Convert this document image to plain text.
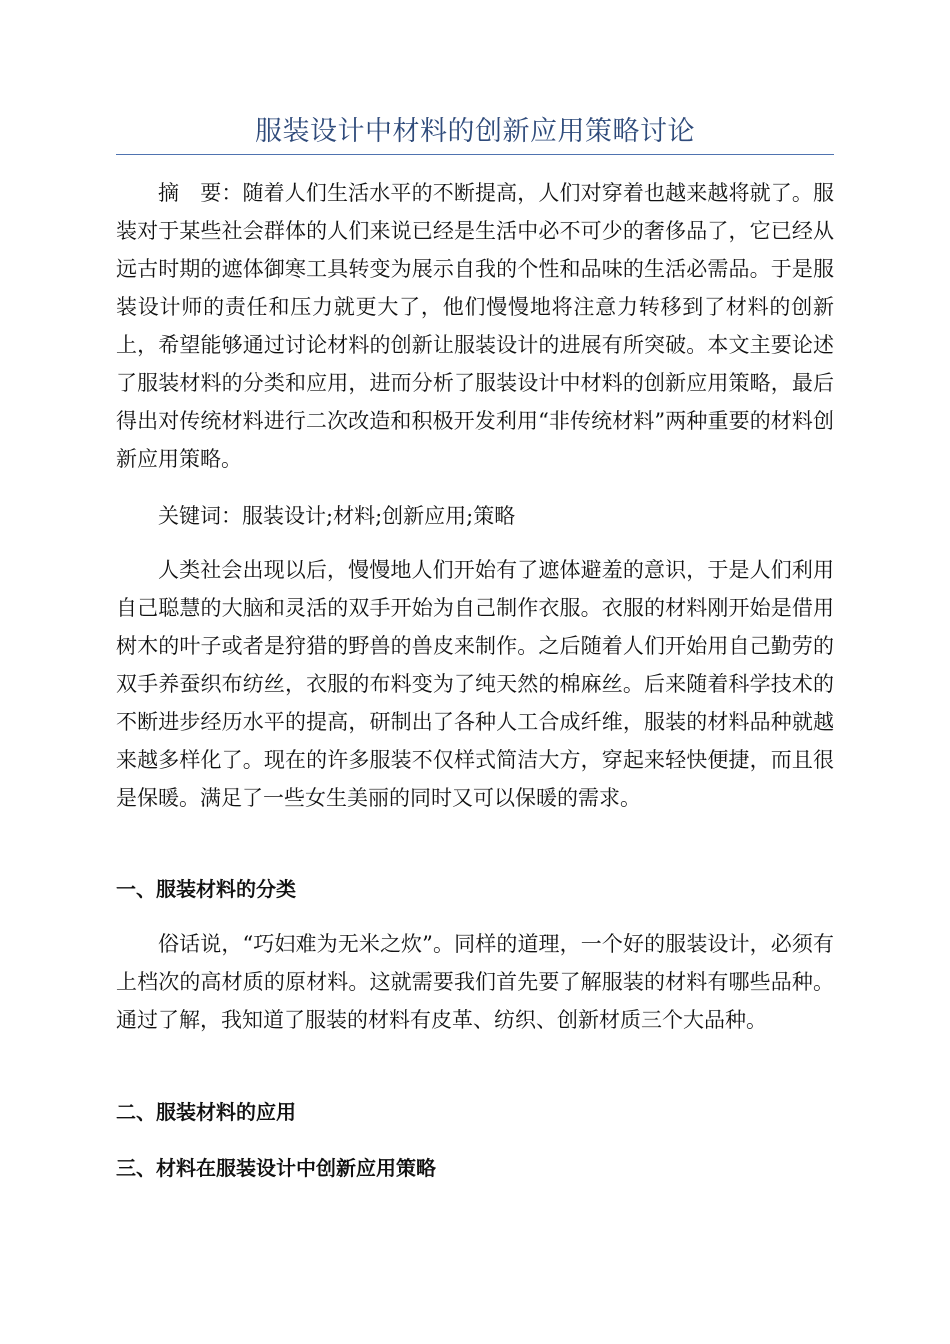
服装设计中材料的创新应用策略讨论

摘　要：随着人们生活水平的不断提高，人们对穿着也越来越将就了。服装对于某些社会群体的人们来说已经是生活中必不可少的奢侈品了，它已经从远古时期的遮体御寒工具转变为展示自我的个性和品味的生活必需品。于是服装设计师的责任和压力就更大了，他们慢慢地将注意力转移到了材料的创新上，希望能够通过讨论材料的创新让服装设计的进展有所突破。本文主要论述了服装材料的分类和应用，进而分析了服装设计中材料的创新应用策略，最后得出对传统材料进行二次改造和积极开发利用“非传统材料”两种重要的材料创新应用策略。

关键词：服装设计;材料;创新应用;策略

人类社会出现以后，慢慢地人们开始有了遮体避羞的意识，于是人们利用自己聪慧的大脑和灵活的双手开始为自己制作衣服。衣服的材料刚开始是借用树木的叶子或者是狩猎的野兽的兽皮来制作。之后随着人们开始用自己勤劳的双手养蚕织布纺丝，衣服的布料变为了纯天然的棉麻丝。后来随着科学技术的不断进步经历水平的提高，研制出了各种人工合成纤维，服装的材料品种就越来越多样化了。现在的许多服装不仅样式简洁大方，穿起来轻快便捷，而且很是保暖。满足了一些女生美丽的同时又可以保暖的需求。

一、服装材料的分类

俗话说，“巧妇难为无米之炊”。同样的道理，一个好的服装设计，必须有上档次的高材质的原材料。这就需要我们首先要了解服装的材料有哪些品种。通过了解，我知道了服装的材料有皮革、纺织、创新材质三个大品种。

二、服装材料的应用
三、材料在服装设计中创新应用策略
